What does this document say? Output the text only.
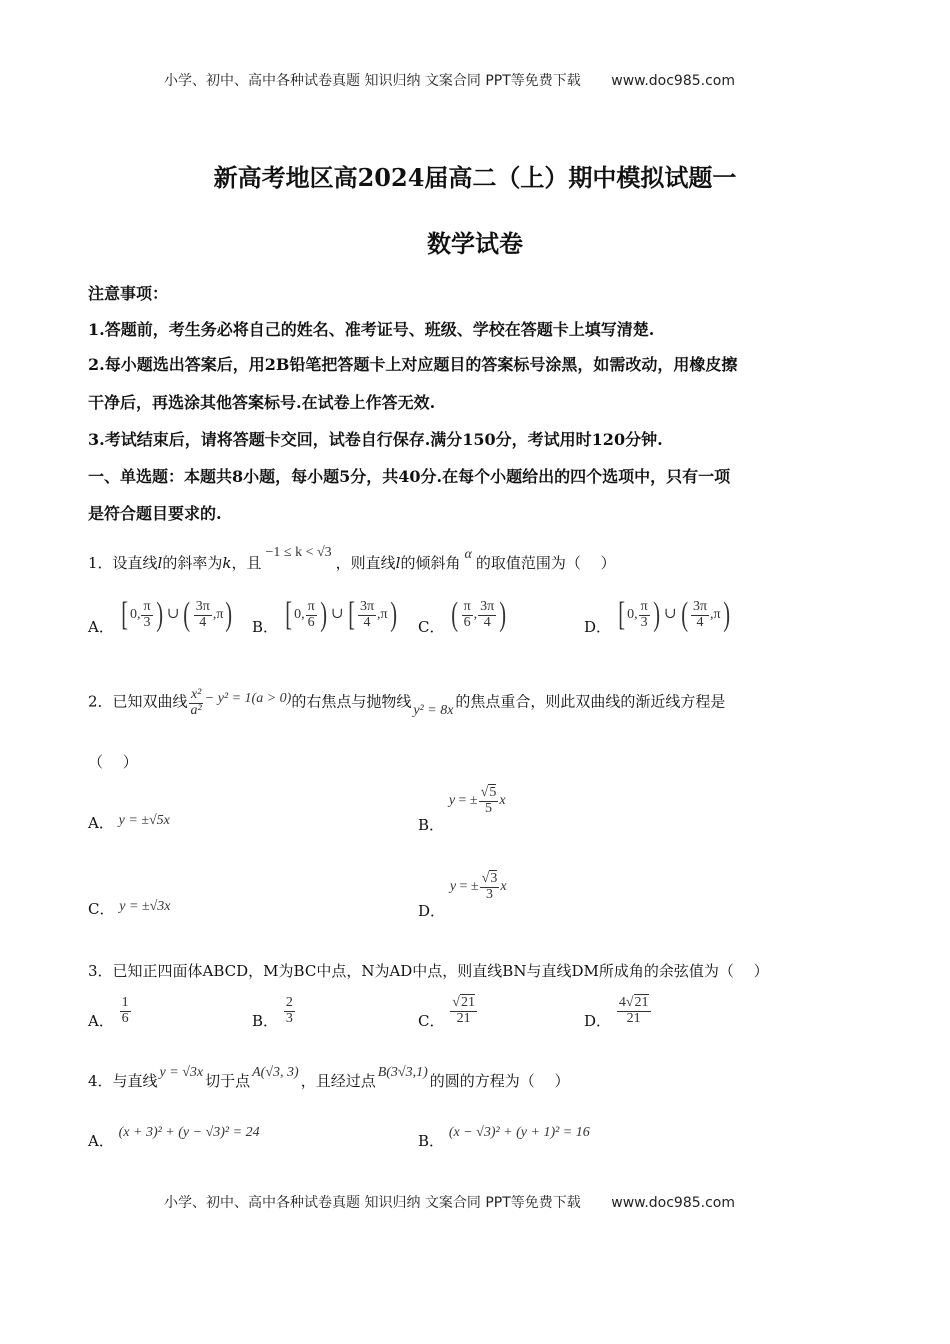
小学、初中、高中各种试卷真题 知识归纳 文案合同 PPT等免费下载 www.doc985.com
新高考地区高2024届高二（上）期中模拟试题一
数学试卷
注意事项：
1.答题前，考生务必将自己的姓名、准考证号、班级、学校在答题卡上填写清楚.
2.每小题选出答案后，用2B铅笔把答题卡上对应题目的答案标号涂黑，如需改动，用橡皮擦
干净后，再选涂其他答案标号.在试卷上作答无效.
3.考试结束后，请将答题卡交回，试卷自行保存.满分150分，考试用时120分钟.
一、单选题：本题共8小题，每小题5分，共40分.在每个小题给出的四个选项中，只有一项
是符合题目要求的.
1．设直线l的斜率为k，且−1 ≤ k < √3，则直线l的倾斜角 α 的取值范围为（　 ）
A． [ 0, $\frac{\pi}{3}$ ) ∪ ( $\frac{3\pi}{4} ,\pi$) B． [ 0, $\frac{\pi}{6}$ ) ∪ [ $\frac{3\pi}{4} ,\pi$) C． ( $\frac{\pi}{6}$ , $\frac{3\pi}{4}$ )	D． [ 0, $\frac{\pi}{3}$ ) ∪ ( $\frac{3\pi}{4} ,\pi$)
2．已知双曲线 $\frac{\text{x²}}{\text{a²}} - y^2 = 1(a > 0)$的右焦点与抛物线y² = 8x的焦点重合，则此双曲线的渐近线方程是
（　 ）
A． y = ±√5x	B． y = ± $\frac{√5}{5}$ x
C． y = ±√3x	D． y = ± $\frac{√3}{3}$ x
3．已知正四面体ABCD，M为BC中点，N为AD中点，则直线BN与直线DM所成角的余弦值为（　 ）
A． $\frac{1}{6}$	B． $\frac{2}{3}$	C． $\frac{√21}{21}$	D． $\frac{4√21}{21}$
4．与直线 y = √3x 切于点 A(√3, 3) ，且经过点 B(3√3,1) 的圆的方程为（　 ）
A． (x + 3)² + (y − √3)² = 24	B． (x − √3)² + (y + 1)² = 16
小学、初中、高中各种试卷真题 知识归纳 文案合同 PPT等免费下载 www.doc985.com
